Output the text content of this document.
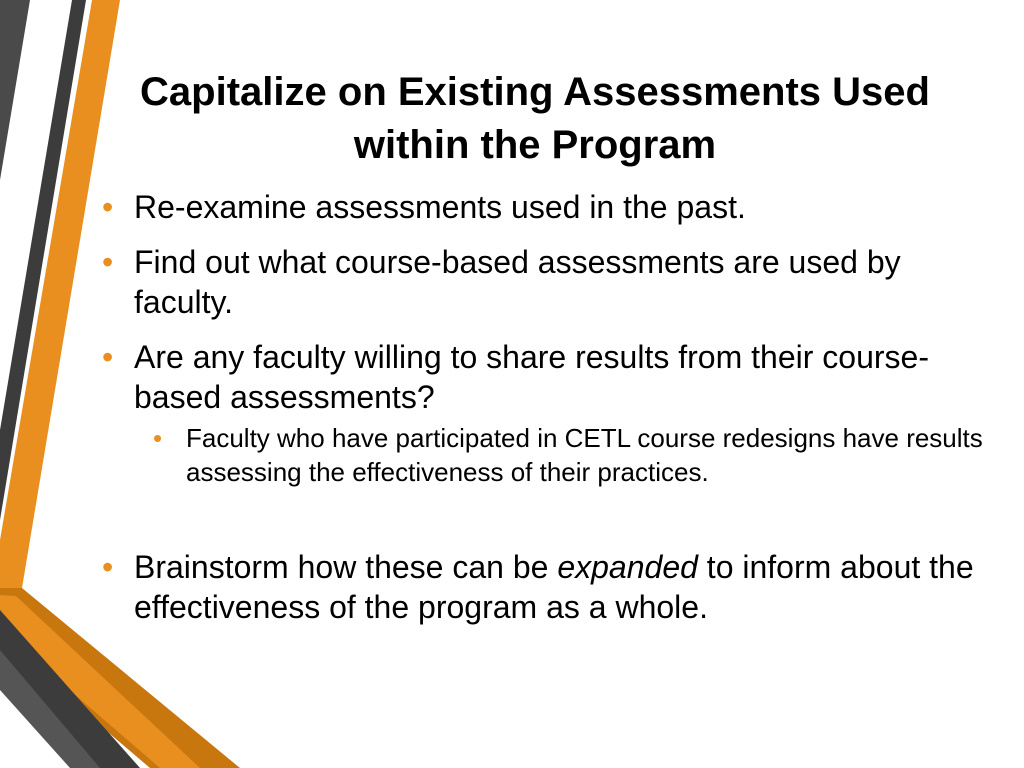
Capitalize on Existing Assessments Used within the Program
• Re-examine assessments used in the past.
• Find out what course-based assessments are used by faculty.
• Are any faculty willing to share results from their course-based assessments?
• Faculty who have participated in CETL course redesigns have results assessing the effectiveness of their practices.
• Brainstorm how these can be expanded to inform about the effectiveness of the program as a whole.
